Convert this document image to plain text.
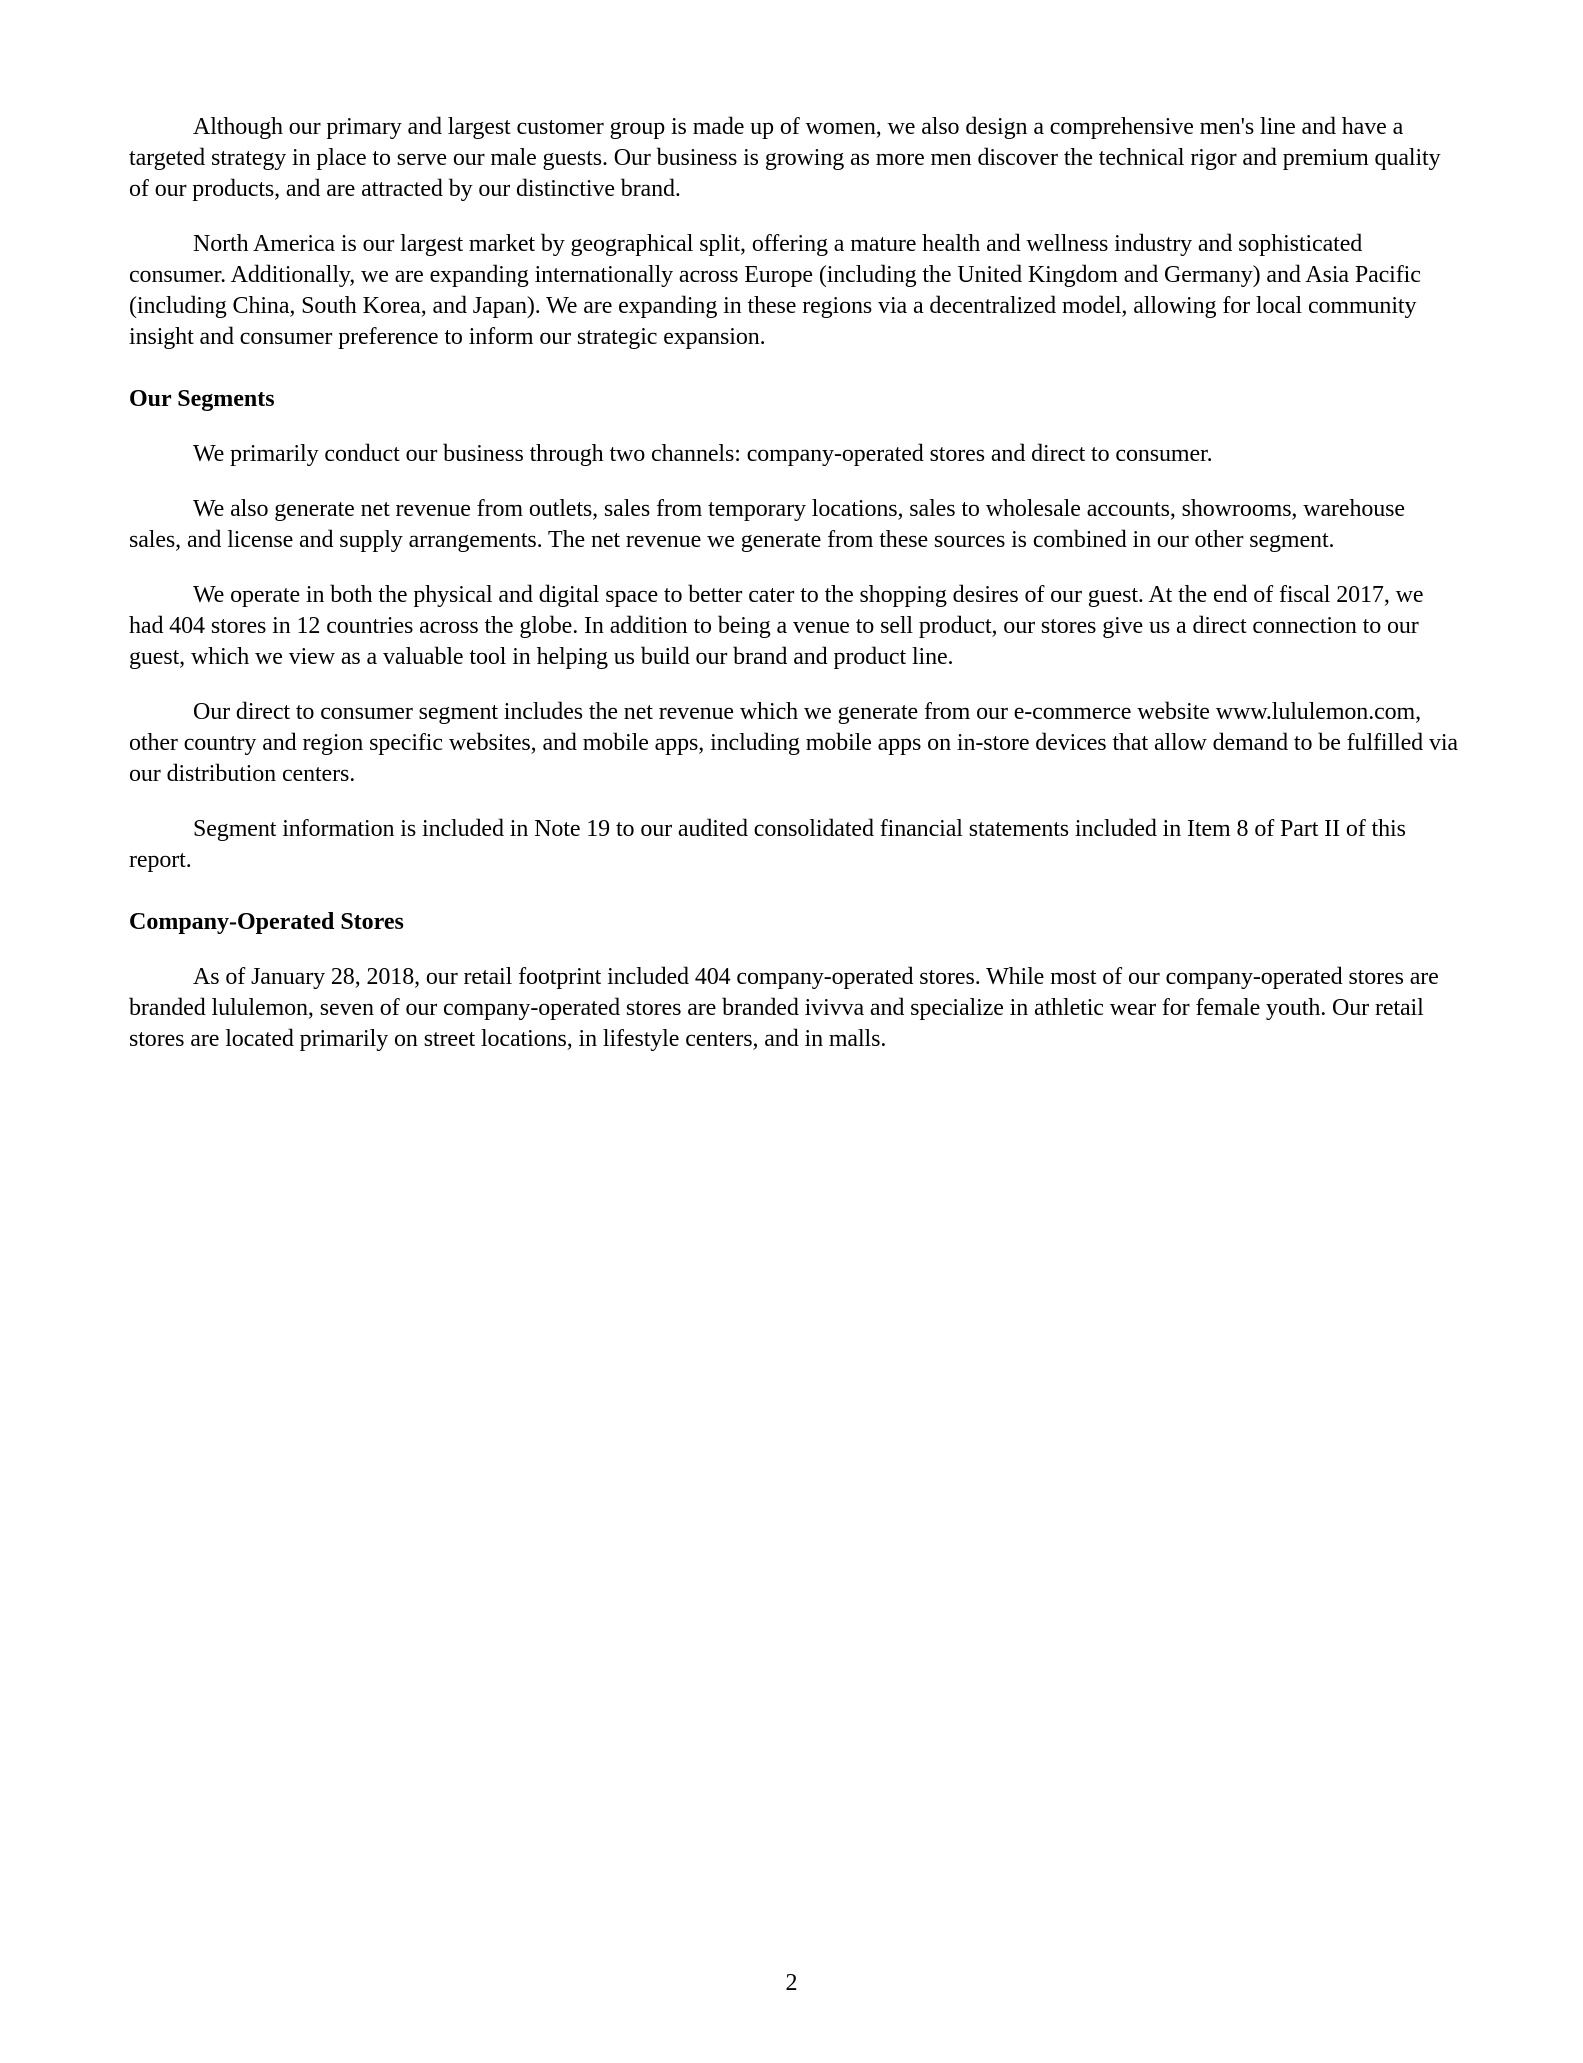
Although our primary and largest customer group is made up of women, we also design a comprehensive men's line and have a targeted strategy in place to serve our male guests. Our business is growing as more men discover the technical rigor and premium quality of our products, and are attracted by our distinctive brand.

North America is our largest market by geographical split, offering a mature health and wellness industry and sophisticated consumer. Additionally, we are expanding internationally across Europe (including the United Kingdom and Germany) and Asia Pacific (including China, South Korea, and Japan). We are expanding in these regions via a decentralized model, allowing for local community insight and consumer preference to inform our strategic expansion.

Our Segments

We primarily conduct our business through two channels: company-operated stores and direct to consumer.

We also generate net revenue from outlets, sales from temporary locations, sales to wholesale accounts, showrooms, warehouse sales, and license and supply arrangements. The net revenue we generate from these sources is combined in our other segment.

We operate in both the physical and digital space to better cater to the shopping desires of our guest. At the end of fiscal 2017, we had 404 stores in 12 countries across the globe. In addition to being a venue to sell product, our stores give us a direct connection to our guest, which we view as a valuable tool in helping us build our brand and product line.

Our direct to consumer segment includes the net revenue which we generate from our e-commerce website www.lululemon.com, other country and region specific websites, and mobile apps, including mobile apps on in-store devices that allow demand to be fulfilled via our distribution centers.

Segment information is included in Note 19 to our audited consolidated financial statements included in Item 8 of Part II of this report.

Company-Operated Stores

As of January 28, 2018, our retail footprint included 404 company-operated stores. While most of our company-operated stores are branded lululemon, seven of our company-operated stores are branded ivivva and specialize in athletic wear for female youth. Our retail stores are located primarily on street locations, in lifestyle centers, and in malls.

2
